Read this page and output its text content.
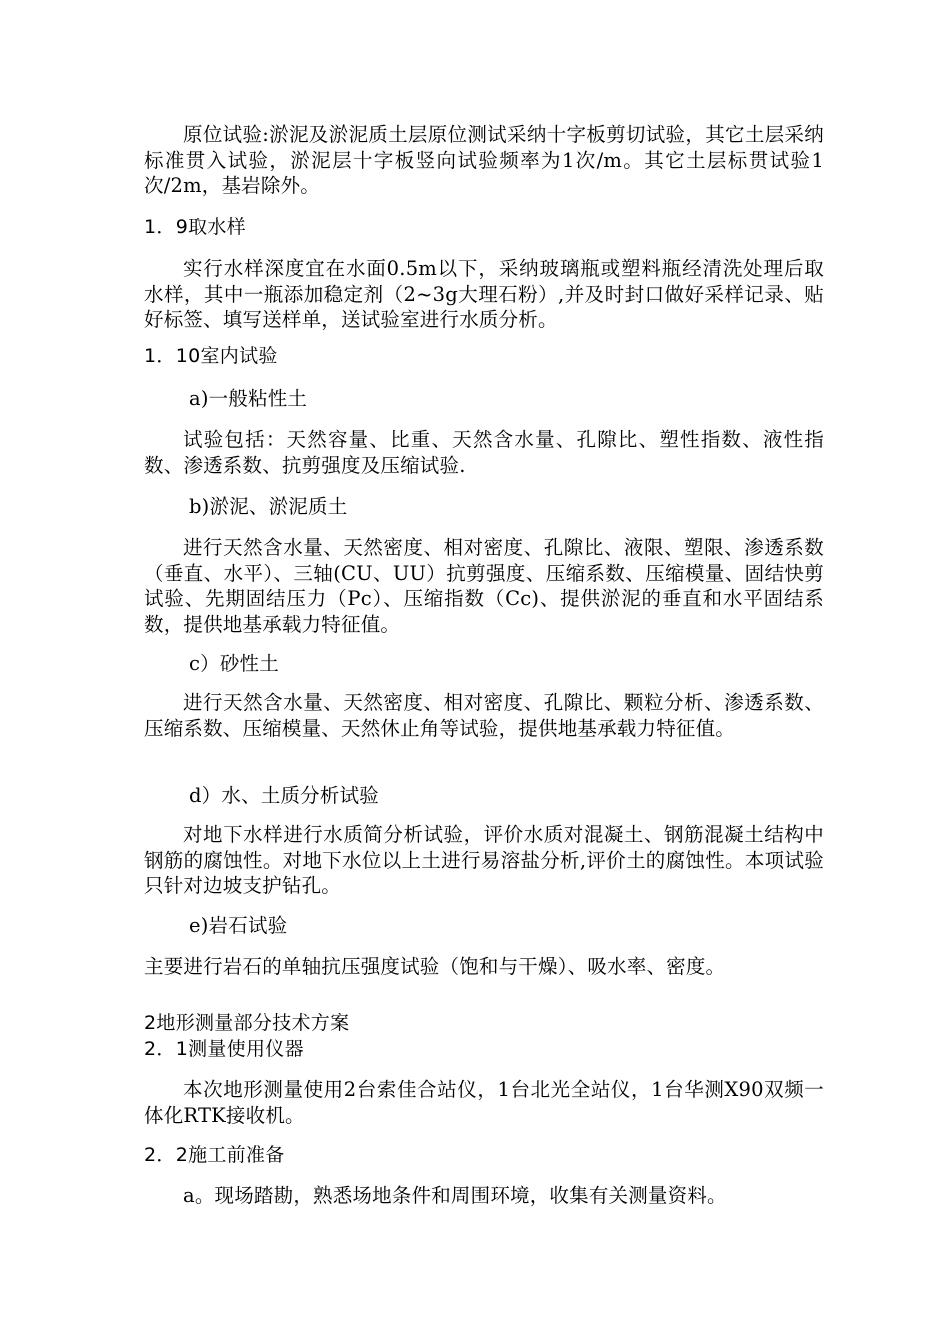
原位试验:淤泥及淤泥质土层原位测试采纳十字板剪切试验，其它土层采纳标准贯入试验，淤泥层十字板竖向试验频率为1次/m。其它土层标贯试验1次/2m，基岩除外。

1．9取水样

实行水样深度宜在水面0.5m以下，采纳玻璃瓶或塑料瓶经清洗处理后取水样，其中一瓶添加稳定剂（2~3g大理石粉）,并及时封口做好采样记录、贴好标签、填写送样单，送试验室进行水质分析。

1．10室内试验

a)一般粘性土

试验包括：天然容量、比重、天然含水量、孔隙比、塑性指数、液性指数、渗透系数、抗剪强度及压缩试验.

b)淤泥、淤泥质土

进行天然含水量、天然密度、相对密度、孔隙比、液限、塑限、渗透系数（垂直、水平）、三轴(CU、UU）抗剪强度、压缩系数、压缩模量、固结快剪试验、先期固结压力（Pc）、压缩指数（Cc)、提供淤泥的垂直和水平固结系数，提供地基承载力特征值。

c）砂性土

进行天然含水量、天然密度、相对密度、孔隙比、颗粒分析、渗透系数、压缩系数、压缩模量、天然休止角等试验，提供地基承载力特征值。

d）水、土质分析试验

对地下水样进行水质简分析试验，评价水质对混凝土、钢筋混凝土结构中钢筋的腐蚀性。对地下水位以上土进行易溶盐分析,评价土的腐蚀性。本项试验只针对边坡支护钻孔。

e)岩石试验

主要进行岩石的单轴抗压强度试验（饱和与干燥）、吸水率、密度。

2地形测量部分技术方案
2．1测量使用仪器

本次地形测量使用2台索佳合站仪，1台北光全站仪，1台华测X90双频一体化RTK接收机。

2．2施工前准备

a。现场踏勘，熟悉场地条件和周围环境，收集有关测量资料。
